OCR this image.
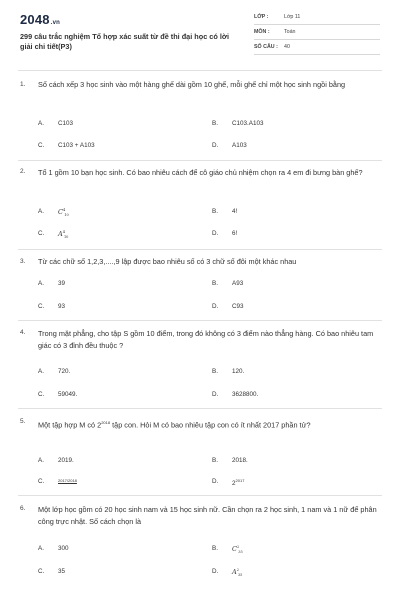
2048.vn
299 câu trắc nghiệm Tổ hợp xác suất từ đề thi đại học có lời giải chi tiết(P3)
LỚP :	Lớp 11
MÔN :	Toán
SỐ CÂU : 40
1. Số cách xếp 3 học sinh vào một hàng ghế dài gồm 10 ghế, mỗi ghế chỉ một học sinh ngồi bằng
A. C103	B. C103.A103
C. C103 + A103	D. A103
2. Tổ 1 gồm 10 bạn học sinh. Có bao nhiêu cách để cô giáo chủ nhiệm chọn ra 4 em đi bưng bàn ghế?
A. $C^4_{10}$	B. 4!
C. $A^4_{10}$	D. 6!
3. Từ các chữ số 1,2,3,....,9 lập được bao nhiêu số có 3 chữ số đôi một khác nhau
A. 39	B. A93
C. 93	D. C93
4. Trong mặt phẳng, cho tập S gồm 10 điểm, trong đó không có 3 điểm nào thẳng hàng. Có bao nhiêu tam giác có 3 đỉnh đều thuộc ?
A. 720.	B. 120.
C. 59049.	D. 3628800.
5. Một tập hợp M có $2^{2018}$ tập con. Hỏi M có bao nhiêu tập con có ít nhất 2017 phần tử?
A. 2019.	B. 2018.
C.	2017/2018	D. $2^{2017}$
6. Một lớp học gồm có 20 học sinh nam và 15 học sinh nữ. Cần chọn ra 2 học sinh, 1 nam và 1 nữ để phân công trực nhật. Số cách chọn là
A. 300	B. $C^2_{35}$
C. 35	D. $A^2_{35}$
